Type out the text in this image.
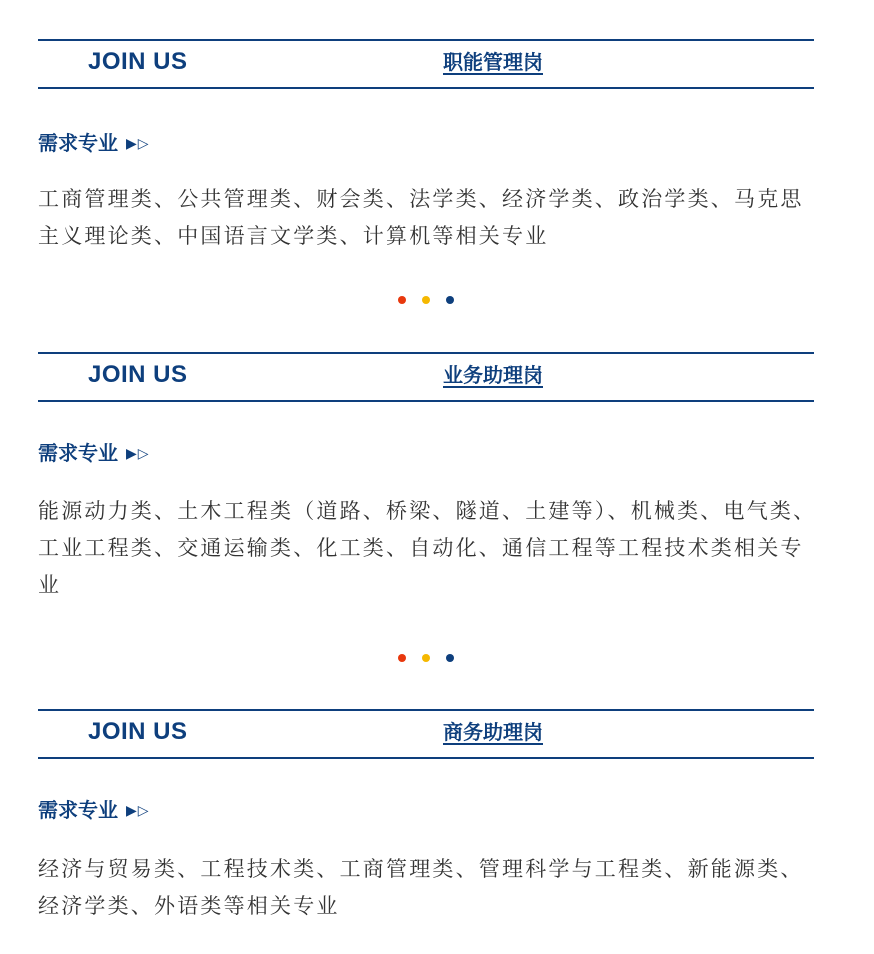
JOIN US	职能管理岗
需求专业 ▶▷
工商管理类、公共管理类、财会类、法学类、经济学类、政治学类、马克思主义理论类、中国语言文学类、计算机等相关专业
JOIN US	业务助理岗
需求专业 ▶▷
能源动力类、土木工程类（道路、桥梁、隧道、土建等）、机械类、电气类、工业工程类、交通运输类、化工类、自动化、通信工程等工程技术类相关专业
JOIN US	商务助理岗
需求专业 ▶▷
经济与贸易类、工程技术类、工商管理类、管理科学与工程类、新能源类、经济学类、外语类等相关专业
